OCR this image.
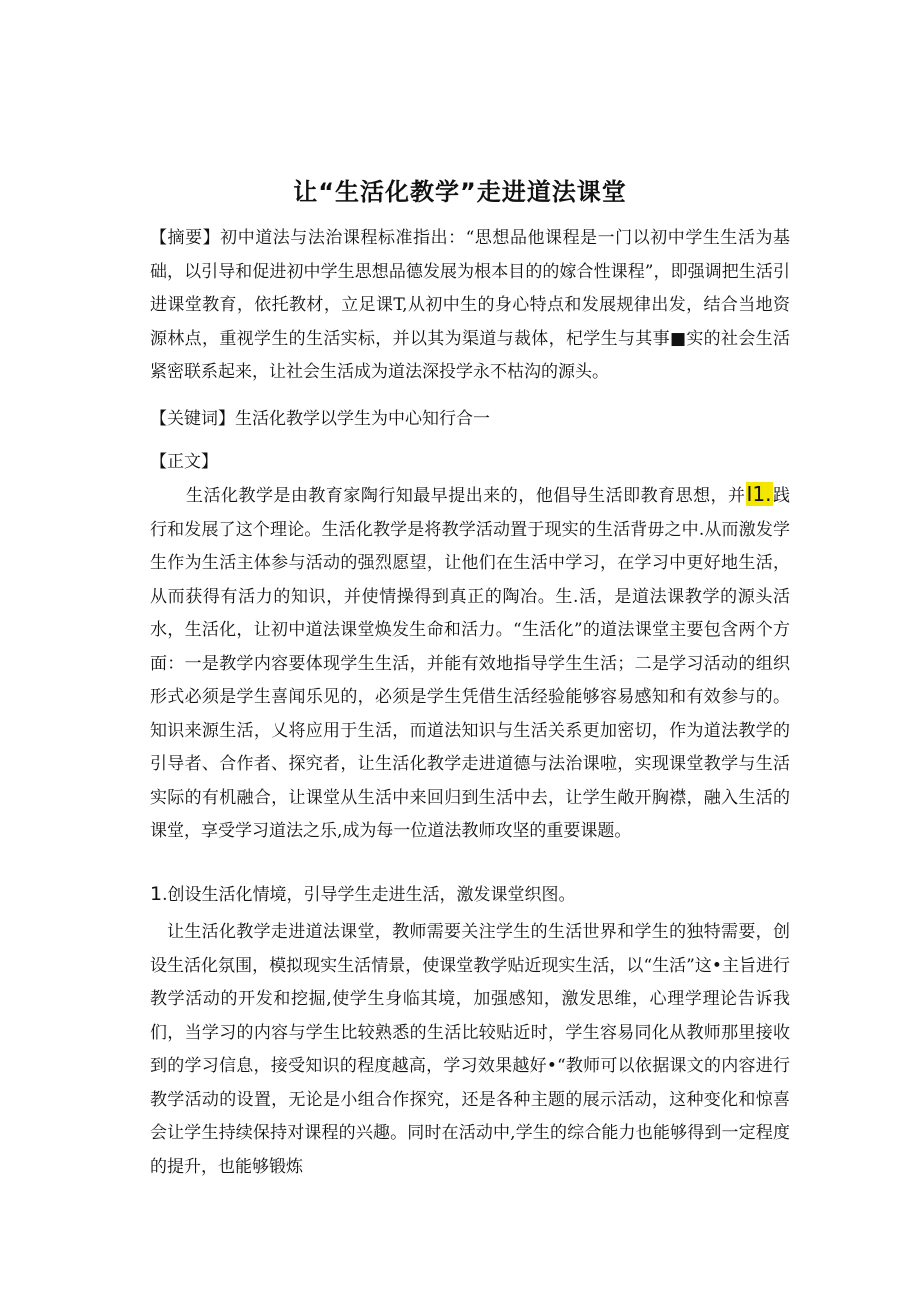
让“生活化教学”走进道法课堂

【摘要】初中道法与法治课程标准指出：“思想品他课程是一门以初中学生生活为基础，以引导和促进初中学生思想品德发展为根本目的的嫁合性课程”，即强调把生活引进课堂教育，依托教材，立足课T,从初中生的身心特点和发展规律出发，结合当地资源林点，重视学生的生活实标，并以其为渠道与裁体，杞学生与其事■实的社会生活紧密联系起来，让社会生活成为道法深投学永不枯沟的源头。

【关键词】生活化教学以学生为中心知行合一

【正文】

生活化教学是由教育家陶行知最早提出来的，他倡导生活即教育思想，并I1.践行和发展了这个理论。生活化教学是将教学活动置于现实的生活背毋之中.从而激发学生作为生活主体参与活动的强烈愿望，让他们在生活中学习，在学习中更好地生活，从而获得有活力的知识，并使情操得到真正的陶冶。生.活，是道法课教学的源头活水，生活化，让初中道法课堂焕发生命和活力。“生活化”的道法课堂主要包含两个方面：一是教学内容要体现学生生活，并能有效地指导学生生活；二是学习活动的组织形式必须是学生喜闻乐见的，必须是学生凭借生活经验能够容易感知和有效参与的。知识来源生活，乂将应用于生活，而道法知识与生活关系更加密切，作为道法教学的引导者、合作者、探究者，让生活化教学走进道德与法治课啦，实现课堂教学与生活实际的有机融合，让课堂从生活中来回归到生活中去，让学生敞开胸襟，融入生活的课堂，享受学习道法之乐,成为每一位道法教师攻坚的重要课题。

1.创设生活化情境，引导学生走进生活，激发课堂织图。

让生活化教学走进道法课堂，教师需要关注学生的生活世界和学生的独特需要，创设生活化氛围，模拟现实生活情景，使课堂教学贴近现实生活，以“生活”这•主旨进行教学活动的开发和挖掘,使学生身临其境，加强感知，激发思维，心理学理论告诉我们，当学习的内容与学生比较熟悉的生活比较贴近时，学生容易同化从教师那里接收到的学习信息，接受知识的程度越高，学习效果越好•“教师可以依据课文的内容进行教学活动的设置，无论是小组合作探究，还是各种主题的展示活动，这种变化和惊喜会让学生持续保持对课程的兴趣。同时在活动中,学生的综合能力也能够得到一定程度的提升，也能够锻炼
